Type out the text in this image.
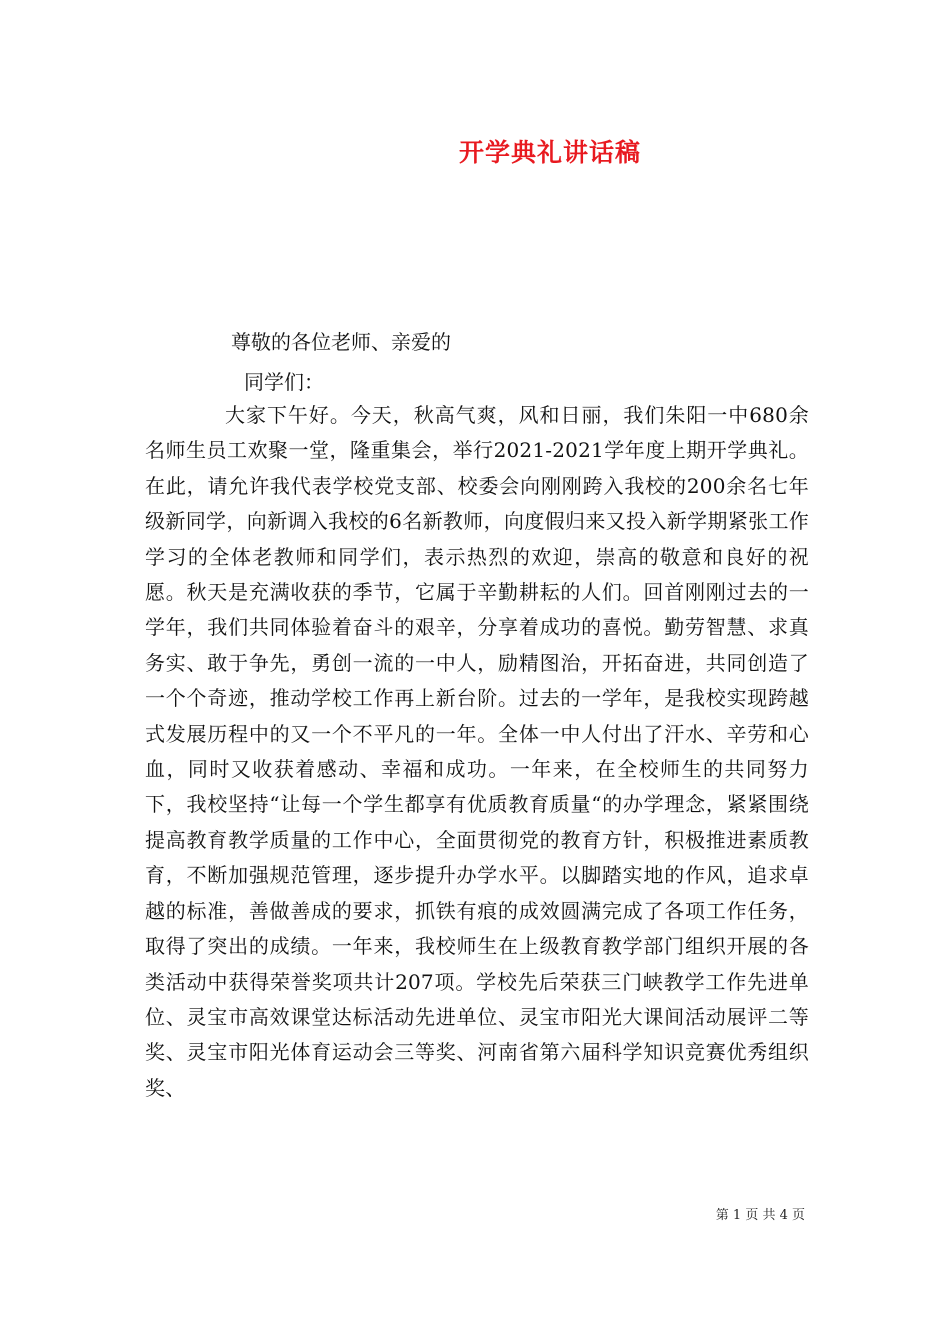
开学典礼讲话稿
尊敬的各位老师、亲爱的
同学们：

大家下午好。今天，秋高气爽，风和日丽，我们朱阳一中680余名师生员工欢聚一堂，隆重集会，举行2021-2021学年度上期开学典礼。在此，请允许我代表学校党支部、校委会向刚刚跨入我校的200余名七年级新同学，向新调入我校的6名新教师，向度假归来又投入新学期紧张工作学习的全体老教师和同学们，表示热烈的欢迎，崇高的敬意和良好的祝愿。秋天是充满收获的季节，它属于辛勤耕耘的人们。回首刚刚过去的一学年，我们共同体验着奋斗的艰辛，分享着成功的喜悦。勤劳智慧、求真务实、敢于争先，勇创一流的一中人，励精图治，开拓奋进，共同创造了一个个奇迹，推动学校工作再上新台阶。过去的一学年，是我校实现跨越式发展历程中的又一个不平凡的一年。全体一中人付出了汗水、辛劳和心血，同时又收获着感动、幸福和成功。一年来，在全校师生的共同努力下，我校坚持“让每一个学生都享有优质教育质量“的办学理念，紧紧围绕提高教育教学质量的工作中心，全面贯彻党的教育方针，积极推进素质教育，不断加强规范管理，逐步提升办学水平。以脚踏实地的作风，追求卓越的标准，善做善成的要求，抓铁有痕的成效圆满完成了各项工作任务，取得了突出的成绩。一年来，我校师生在上级教育教学部门组织开展的各类活动中获得荣誉奖项共计207项。学校先后荣获三门峡教学工作先进单位、灵宝市高效课堂达标活动先进单位、灵宝市阳光大课间活动展评二等奖、灵宝市阳光体育运动会三等奖、河南省第六届科学知识竞赛优秀组织奖、

第 1 页 共 4 页
